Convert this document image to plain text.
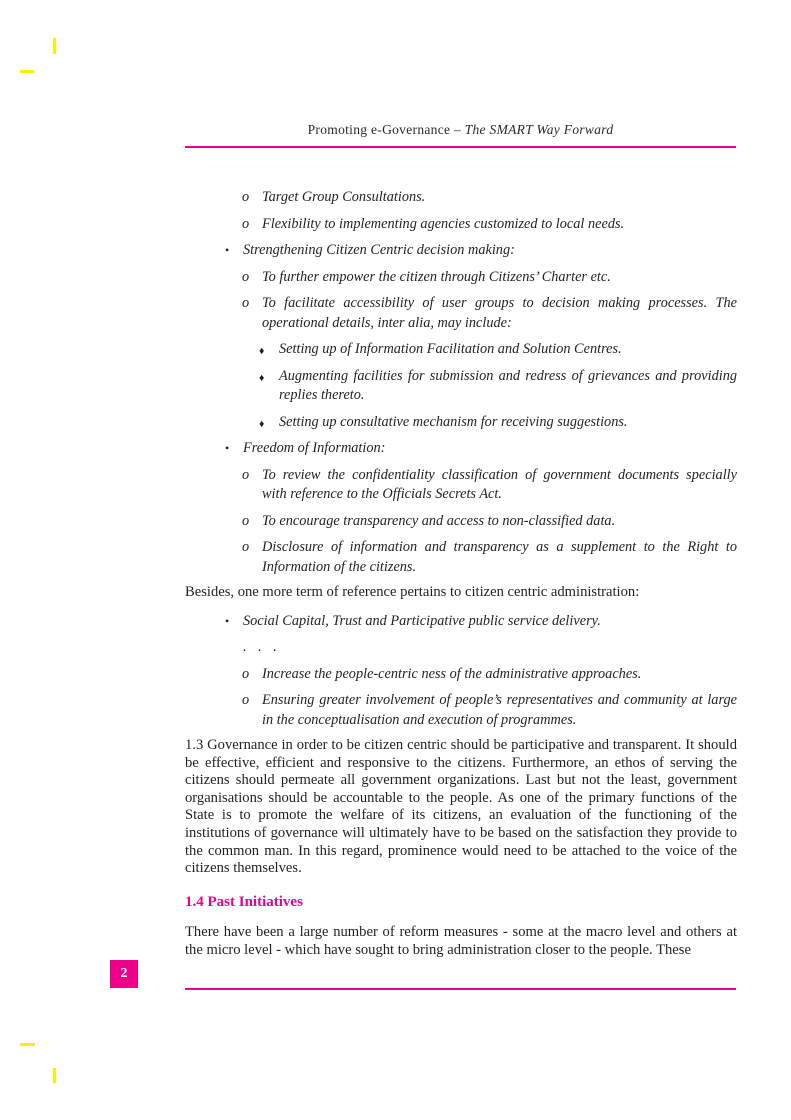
Promoting e-Governance – The SMART Way Forward
o Target Group Consultations.
o Flexibility to implementing agencies customized to local needs.
• Strengthening Citizen Centric decision making:
o To further empower the citizen through Citizens’ Charter etc.
o To facilitate accessibility of user groups to decision making processes. The operational details, inter alia, may include:
♦ Setting up of Information Facilitation and Solution Centres.
♦ Augmenting facilities for submission and redress of grievances and providing replies thereto.
♦ Setting up consultative mechanism for receiving suggestions.
• Freedom of Information:
o To review the confidentiality classification of government documents specially with reference to the Officials Secrets Act.
o To encourage transparency and access to non-classified data.
o Disclosure of information and transparency as a supplement to the Right to Information of the citizens.
Besides, one more term of reference pertains to citizen centric administration:
• Social Capital, Trust and Participative public service delivery.
. . .
o Increase the people-centric ness of the administrative approaches.
o Ensuring greater involvement of people’s representatives and community at large in the conceptualisation and execution of programmes.
1.3 Governance in order to be citizen centric should be participative and transparent. It should be effective, efficient and responsive to the citizens. Furthermore, an ethos of serving the citizens should permeate all government organizations. Last but not the least, government organisations should be accountable to the people. As one of the primary functions of the State is to promote the welfare of its citizens, an evaluation of the functioning of the institutions of governance will ultimately have to be based on the satisfaction they provide to the common man. In this regard, prominence would need to be attached to the voice of the citizens themselves.
1.4 Past Initiatives
There have been a large number of reform measures - some at the macro level and others at the micro level - which have sought to bring administration closer to the people. These
2
